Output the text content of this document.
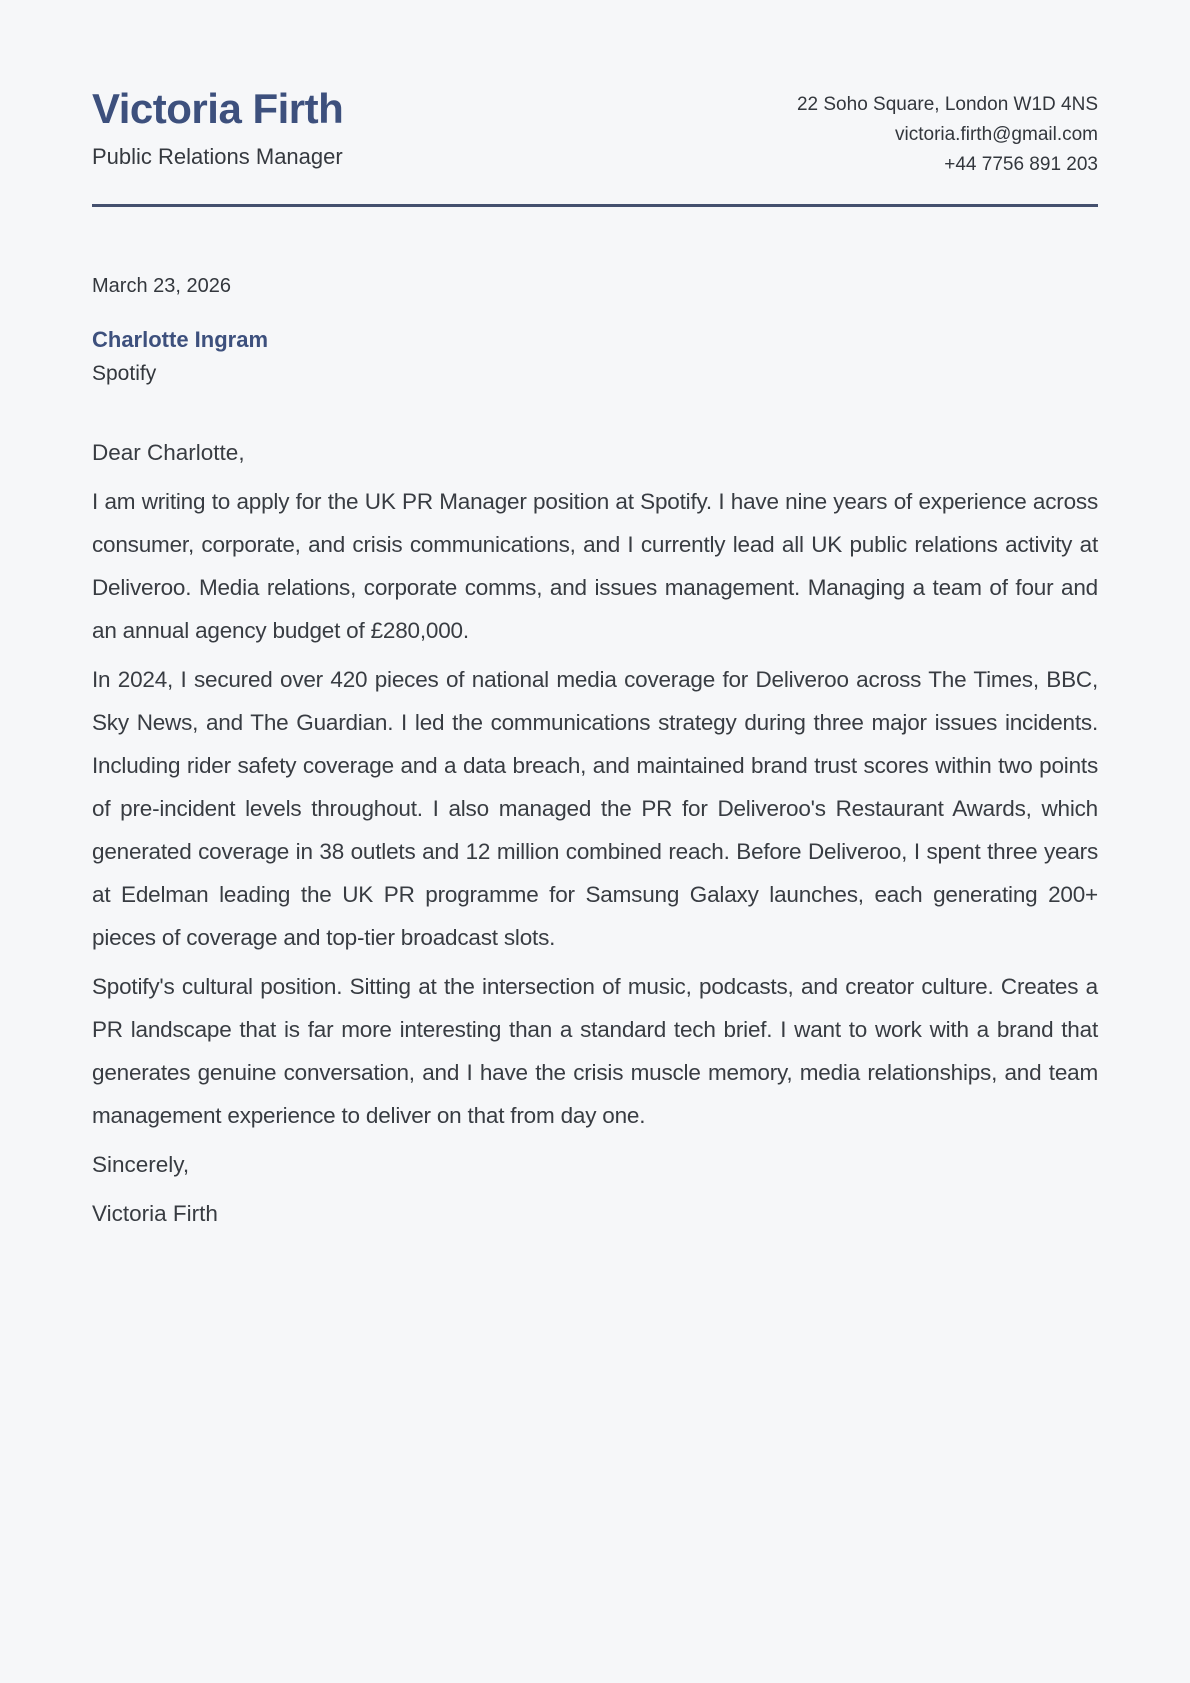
Victoria Firth

Public Relations Manager

22 Soho Square, London W1D 4NS
victoria.firth@gmail.com
+44 7756 891 203

March 23, 2026

Charlotte Ingram

Spotify

Dear Charlotte,

I am writing to apply for the UK PR Manager position at Spotify. I have nine years of experience across consumer, corporate, and crisis communications, and I currently lead all UK public relations activity at Deliveroo. Media relations, corporate comms, and issues management. Managing a team of four and an annual agency budget of £280,000.

In 2024, I secured over 420 pieces of national media coverage for Deliveroo across The Times, BBC, Sky News, and The Guardian. I led the communications strategy during three major issues incidents. Including rider safety coverage and a data breach, and maintained brand trust scores within two points of pre-incident levels throughout. I also managed the PR for Deliveroo's Restaurant Awards, which generated coverage in 38 outlets and 12 million combined reach. Before Deliveroo, I spent three years at Edelman leading the UK PR programme for Samsung Galaxy launches, each generating 200+ pieces of coverage and top-tier broadcast slots.

Spotify's cultural position. Sitting at the intersection of music, podcasts, and creator culture. Creates a PR landscape that is far more interesting than a standard tech brief. I want to work with a brand that generates genuine conversation, and I have the crisis muscle memory, media relationships, and team management experience to deliver on that from day one.

Sincerely,

Victoria Firth
